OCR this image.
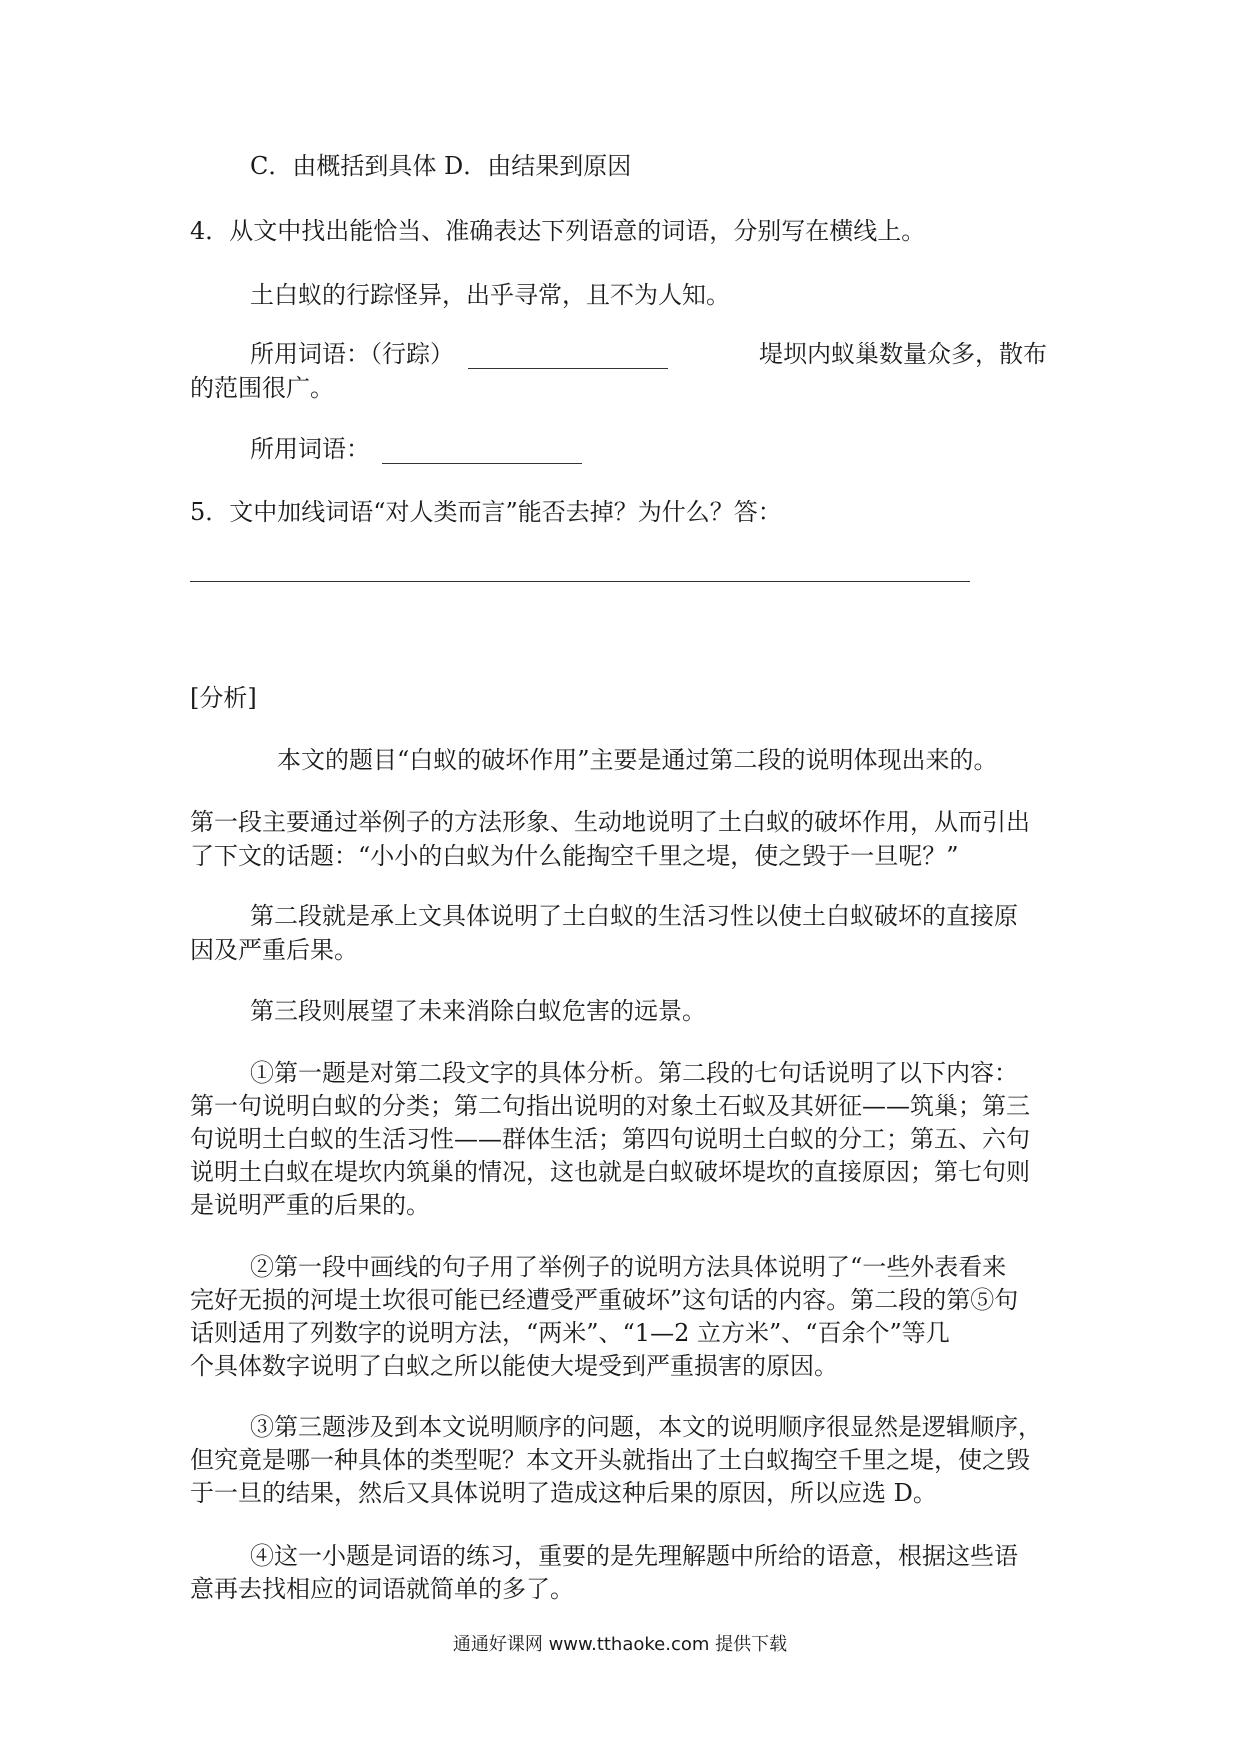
C．由概括到具体 D．由结果到原因
4．从文中找出能恰当、准确表达下列语意的词语，分别写在横线上。
土白蚁的行踪怪异，出乎寻常，且不为人知。
所用词语：（行踪）	堤坝内蚁巢数量众多，散布
的范围很广。
所用词语：
5．文中加线词语“对人类而言”能否去掉？为什么？答：
[分析]
本文的题目“白蚁的破坏作用”主要是通过第二段的说明体现出来的。
第一段主要通过举例子的方法形象、生动地说明了土白蚁的破坏作用，从而引出
了下文的话题：“小小的白蚁为什么能掏空千里之堤，使之毁于一旦呢？”
第二段就是承上文具体说明了土白蚁的生活习性以使土白蚁破坏的直接原
因及严重后果。
第三段则展望了未来消除白蚁危害的远景。
①第一题是对第二段文字的具体分析。第二段的七句话说明了以下内容：
第一句说明白蚁的分类；第二句指出说明的对象土石蚁及其妍征——筑巢；第三
句说明土白蚁的生活习性——群体生活；第四句说明土白蚁的分工；第五、六句
说明土白蚁在堤坎内筑巢的情况，这也就是白蚁破坏堤坎的直接原因；第七句则
是说明严重的后果的。
②第一段中画线的句子用了举例子的说明方法具体说明了“一些外表看来
完好无损的河堤土坎很可能已经遭受严重破坏”这句话的内容。第二段的第⑤句
话则适用了列数字的说明方法，“两米”、“1—2 立方米”、“百余个”等几
个具体数字说明了白蚁之所以能使大堤受到严重损害的原因。
③第三题涉及到本文说明顺序的问题，本文的说明顺序很显然是逻辑顺序，
但究竟是哪一种具体的类型呢？本文开头就指出了土白蚁掏空千里之堤，使之毁
于一旦的结果，然后又具体说明了造成这种后果的原因，所以应选 D。
④这一小题是词语的练习，重要的是先理解题中所给的语意，根据这些语
意再去找相应的词语就简单的多了。
通通好课网 www.tthaoke.com 提供下载
